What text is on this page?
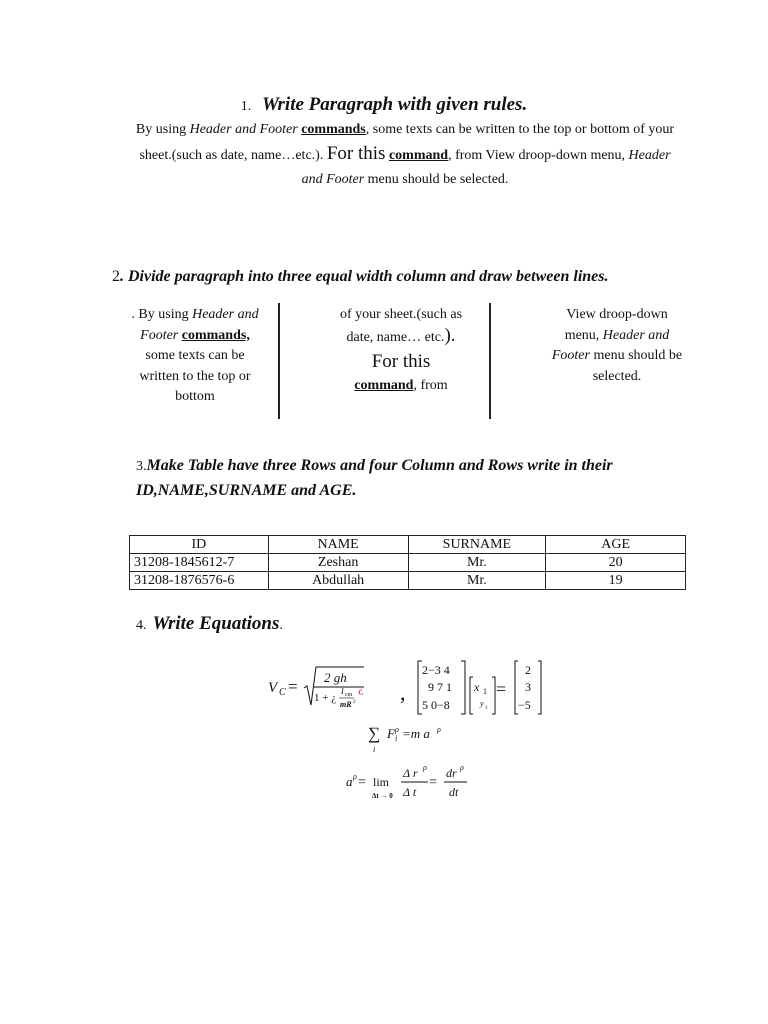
1. Write Paragraph with given rules.
By using Header and Footer commands, some texts can be written to the top or bottom of your sheet.(such as date, name…etc.). For this command, from View droop-down menu, Header and Footer menu should be selected.
2. Divide paragraph into three equal width column and draw between lines.
. By using Header and Footer commands, some texts can be written to the top or bottom
of your sheet.(such as date, name… etc.).
For this
command, from
View droop-down menu, Header and Footer menu should be selected.
3.Make Table have three Rows and four Column and Rows write in their ID,NAME,SURNAME and AGE.
ID	NAME	SURNAME	AGE
31208-1845612-7	Zeshan	Mr.	20
31208-1876576-6	Abdullah	Mr.	19
4. Write Equations.
V C = 2 gh
1 + ¿
I cm
mR 2
¿ ,
2−3 4
9 7 1
5 0−8
x 1
y
1
=
2
3
−5
∑
i
F ρ
i =m a ρ
a ρ = lim
Δt → 0
Δ r ρ
Δ t
=
dr ρ
dt
